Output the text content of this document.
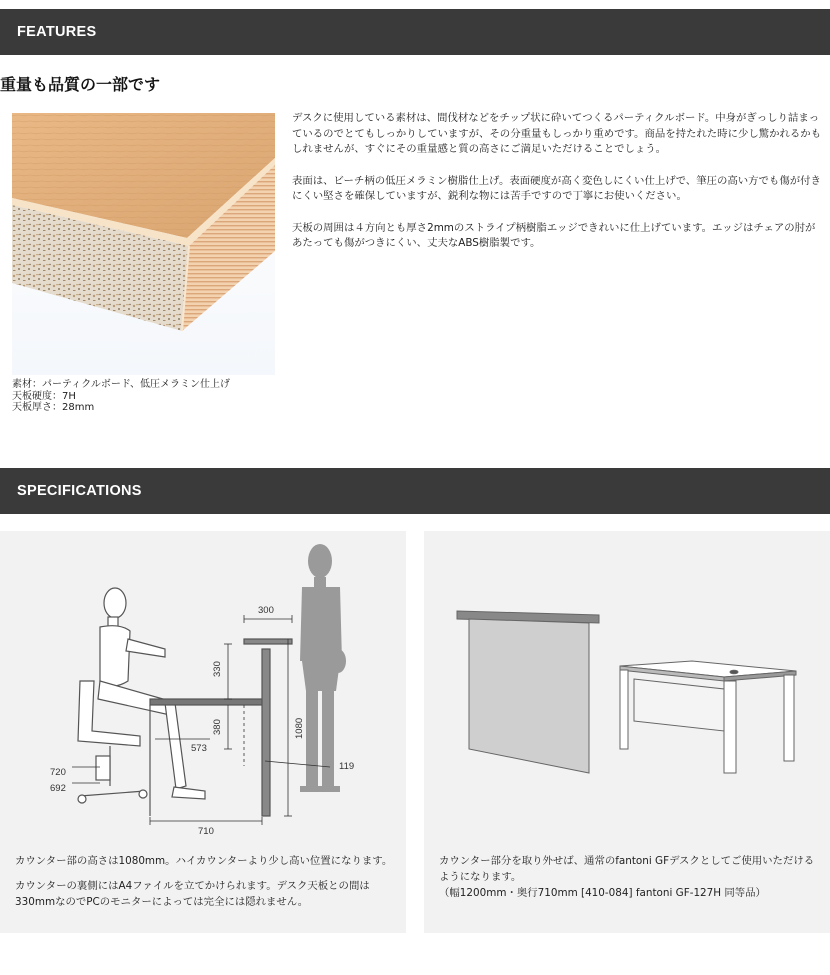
FEATURES
重量も品質の一部です
素材：パーティクルボード、低圧メラミン仕上げ
天板硬度：7H
天板厚さ：28mm

デスクに使用している素材は、間伐材などをチップ状に砕いてつくるパーティクルボード。中身がぎっしり詰まっているのでとてもしっかりしていますが、その分重量もしっかり重めです。商品を持たれた時に少し驚かれるかもしれませんが、すぐにその重量感と質の高さにご満足いただけることでしょう。

表面は、ビーチ柄の低圧メラミン樹脂仕上げ。表面硬度が高く変色しにくい仕上げで、筆圧の高い方でも傷が付きにくい堅さを確保していますが、鋭利な物には苦手ですので丁寧にお使いください。

天板の周囲は４方向とも厚さ2mmのストライプ柄樹脂エッジできれいに仕上げています。エッジはチェアの肘があたっても傷がつきにくい、丈夫なABS樹脂製です。

SPECIFICATIONS
300
330
380	1080
573
119
720
692
710

カウンター部の高さは1080mm。ハイカウンターより少し高い位置になります。

カウンターの裏側にはA4ファイルを立てかけられます。デスク天板との間は330mmなのでPCのモニターによっては完全には隠れません。

カウンター部分を取り外せば、通常のfantoni GFデスクとしてご使用いただけるようになります。

（幅1200mm・奥行710mm [410-084] fantoni GF-127H 同等品）
